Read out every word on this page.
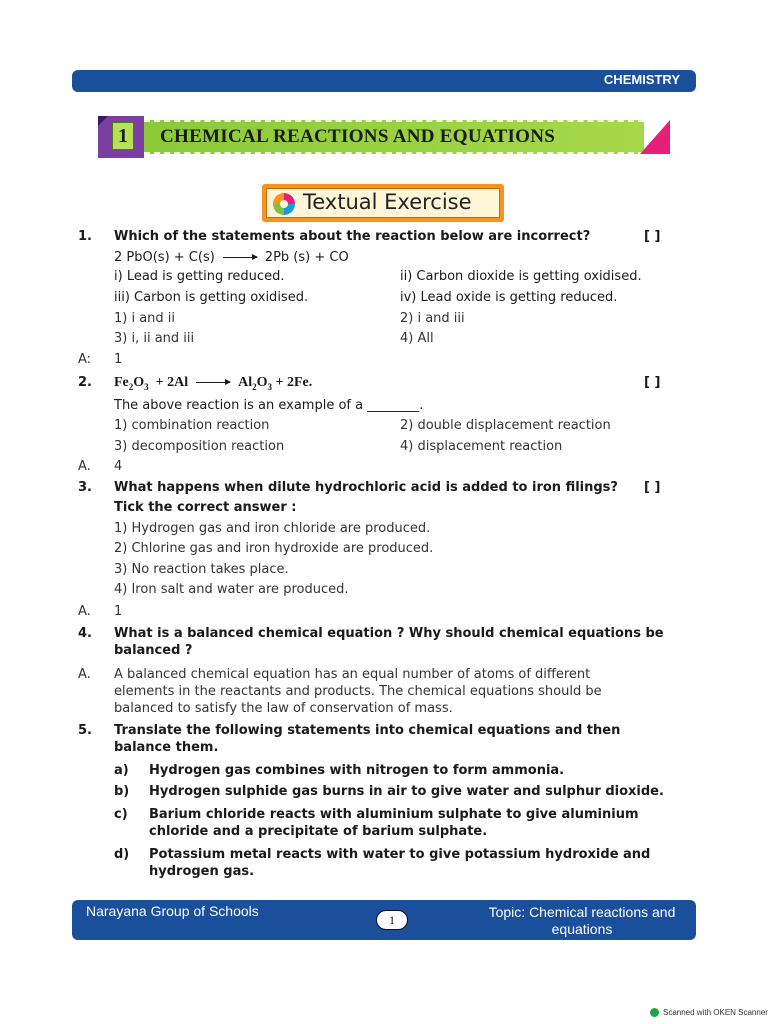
CHEMISTRY
1	CHEMICAL REACTIONS AND EQUATIONS
Textual Exercise
1. Which of the statements about the reaction below are incorrect?	[ ]
2 PbO(s) + C(s) → 2Pb (s) + CO
i) Lead is getting reduced.	ii) Carbon dioxide is getting oxidised.
iii) Carbon is getting oxidised.	iv) Lead oxide is getting reduced.
1) i and ii	2) i and iii
3) i, ii and iii	4) All
A: 1
2. $Fe_2O_3 + 2Al \to Al_2O_3 + 2Fe$.	[ ]
The above reaction is an example of a ________.
1) combination reaction	2) double displacement reaction
3) decomposition reaction	4) displacement reaction
A. 4
3. What happens when dilute hydrochloric acid is added to iron filings? [ ]
Tick the correct answer :
1) Hydrogen gas and iron chloride are produced.
2) Chlorine gas and iron hydroxide are produced.
3) No reaction takes place.
4) Iron salt and water are produced.
A. 1
4. What is a balanced chemical equation ? Why should chemical equations be
balanced ?
A. A balanced chemical equation has an equal number of atoms of different
elements in the reactants and products. The chemical equations should be
balanced to satisfy the law of conservation of mass.
5. Translate the following statements into chemical equations and then
balance them.
a) Hydrogen gas combines with nitrogen to form ammonia.
b) Hydrogen sulphide gas burns in air to give water and sulphur dioxide.
c) Barium chloride reacts with aluminium sulphate to give aluminium
chloride and a precipitate of barium sulphate.
d) Potassium metal reacts with water to give potassium hydroxide and
hydrogen gas.
Narayana Group of Schools
1	Topic: Chemical reactions and
equations
Scanned with OKEN Scanner
